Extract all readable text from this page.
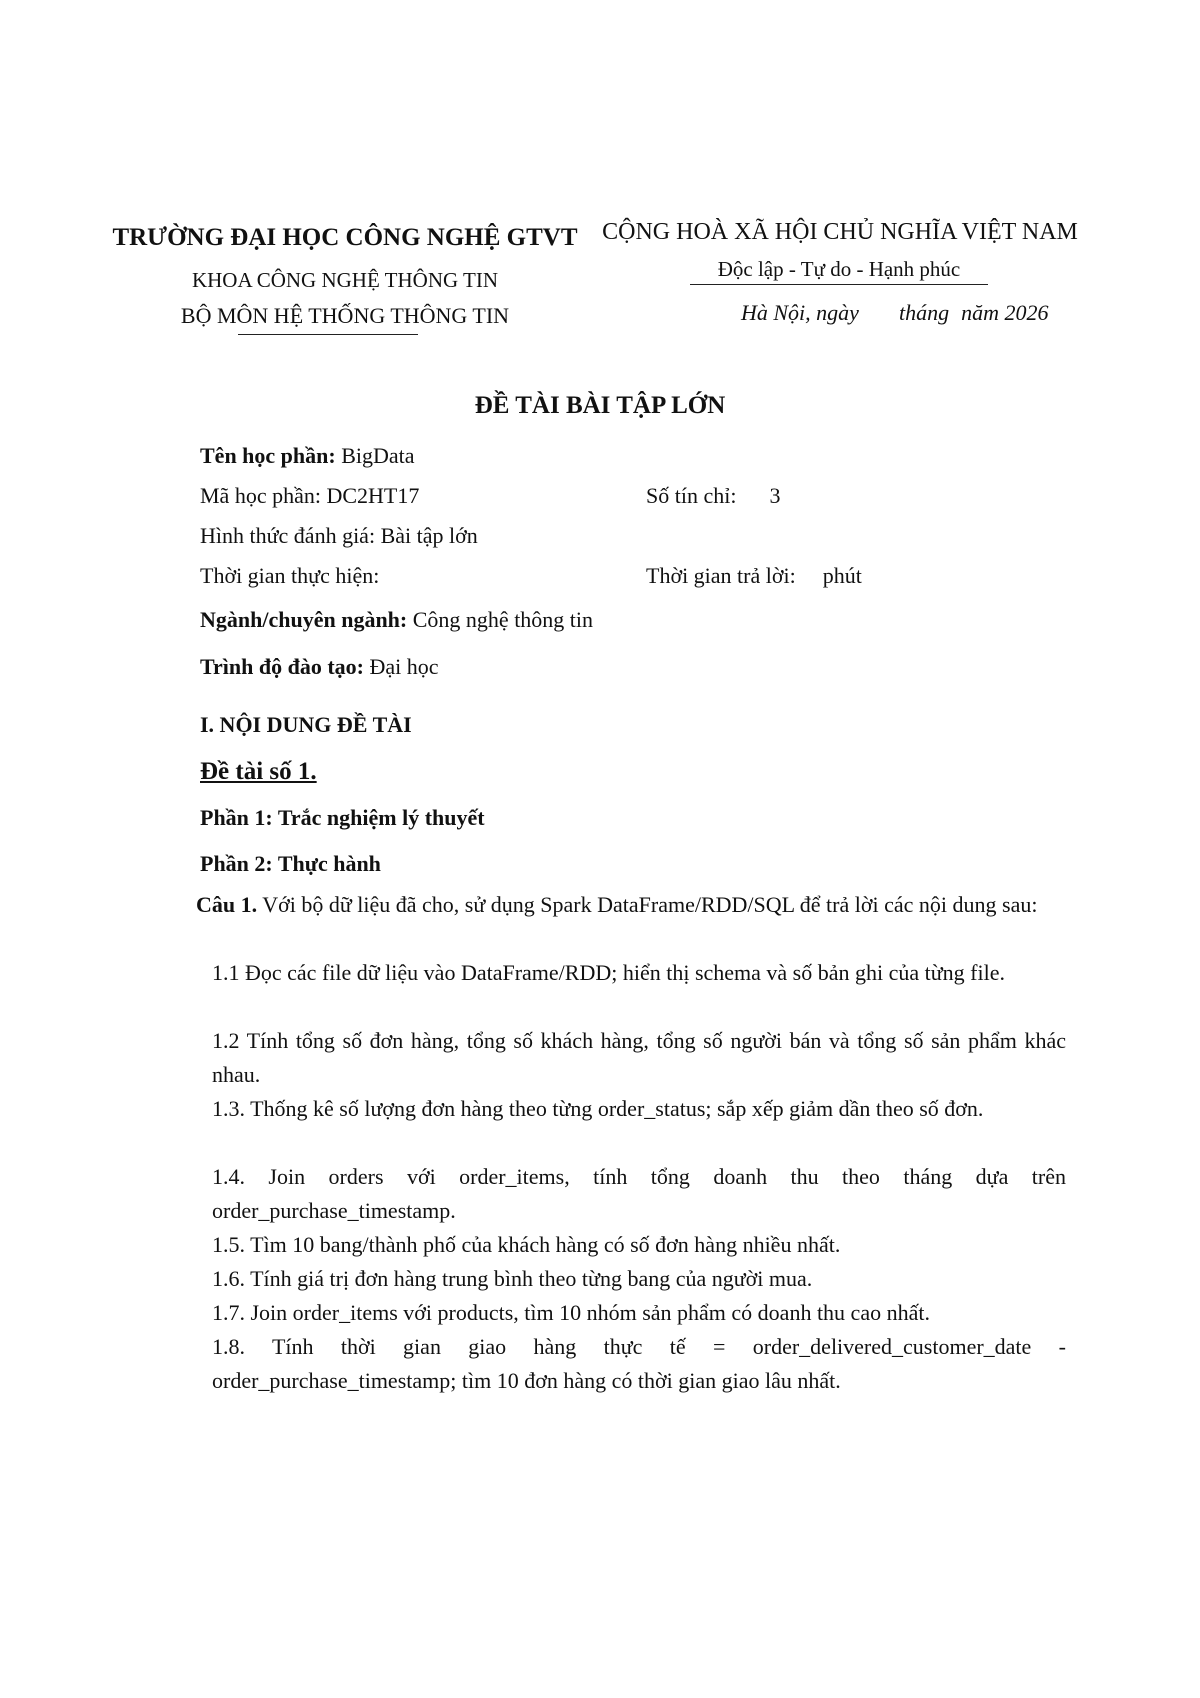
TRƯỜNG ĐẠI HỌC CÔNG NGHỆ GTVT
KHOA CÔNG NGHỆ THÔNG TIN
BỘ MÔN HỆ THỐNG THÔNG TIN
CỘNG HOÀ XÃ HỘI CHỦ NGHĨA VIỆT NAM
Độc lập - Tự do - Hạnh phúc
Hà Nội, ngày tháng năm 2026
ĐỀ TÀI BÀI TẬP LỚN
Tên học phần: BigData
Mã học phần: DC2HT17	Số tín chỉ: 3
Hình thức đánh giá: Bài tập lớn
Thời gian thực hiện:	Thời gian trả lời: phút
Ngành/chuyên ngành: Công nghệ thông tin
Trình độ đào tạo: Đại học
I. NỘI DUNG ĐỀ TÀI
Đề tài số 1.
Phần 1: Trắc nghiệm lý thuyết
Phần 2: Thực hành
Câu 1. Với bộ dữ liệu đã cho, sử dụng Spark DataFrame/RDD/SQL để trả lời các nội dung sau:
1.1 Đọc các file dữ liệu vào DataFrame/RDD; hiển thị schema và số bản ghi của từng file.
1.2 Tính tổng số đơn hàng, tổng số khách hàng, tổng số người bán và tổng số sản phẩm khác nhau.
1.3. Thống kê số lượng đơn hàng theo từng order_status; sắp xếp giảm dần theo số đơn.
1.4. Join orders với order_items, tính tổng doanh thu theo tháng dựa trên order_purchase_timestamp.
1.5. Tìm 10 bang/thành phố của khách hàng có số đơn hàng nhiều nhất.
1.6. Tính giá trị đơn hàng trung bình theo từng bang của người mua.
1.7. Join order_items với products, tìm 10 nhóm sản phẩm có doanh thu cao nhất.
1.8. Tính thời gian giao hàng thực tế = order_delivered_customer_date - order_purchase_timestamp; tìm 10 đơn hàng có thời gian giao lâu nhất.
